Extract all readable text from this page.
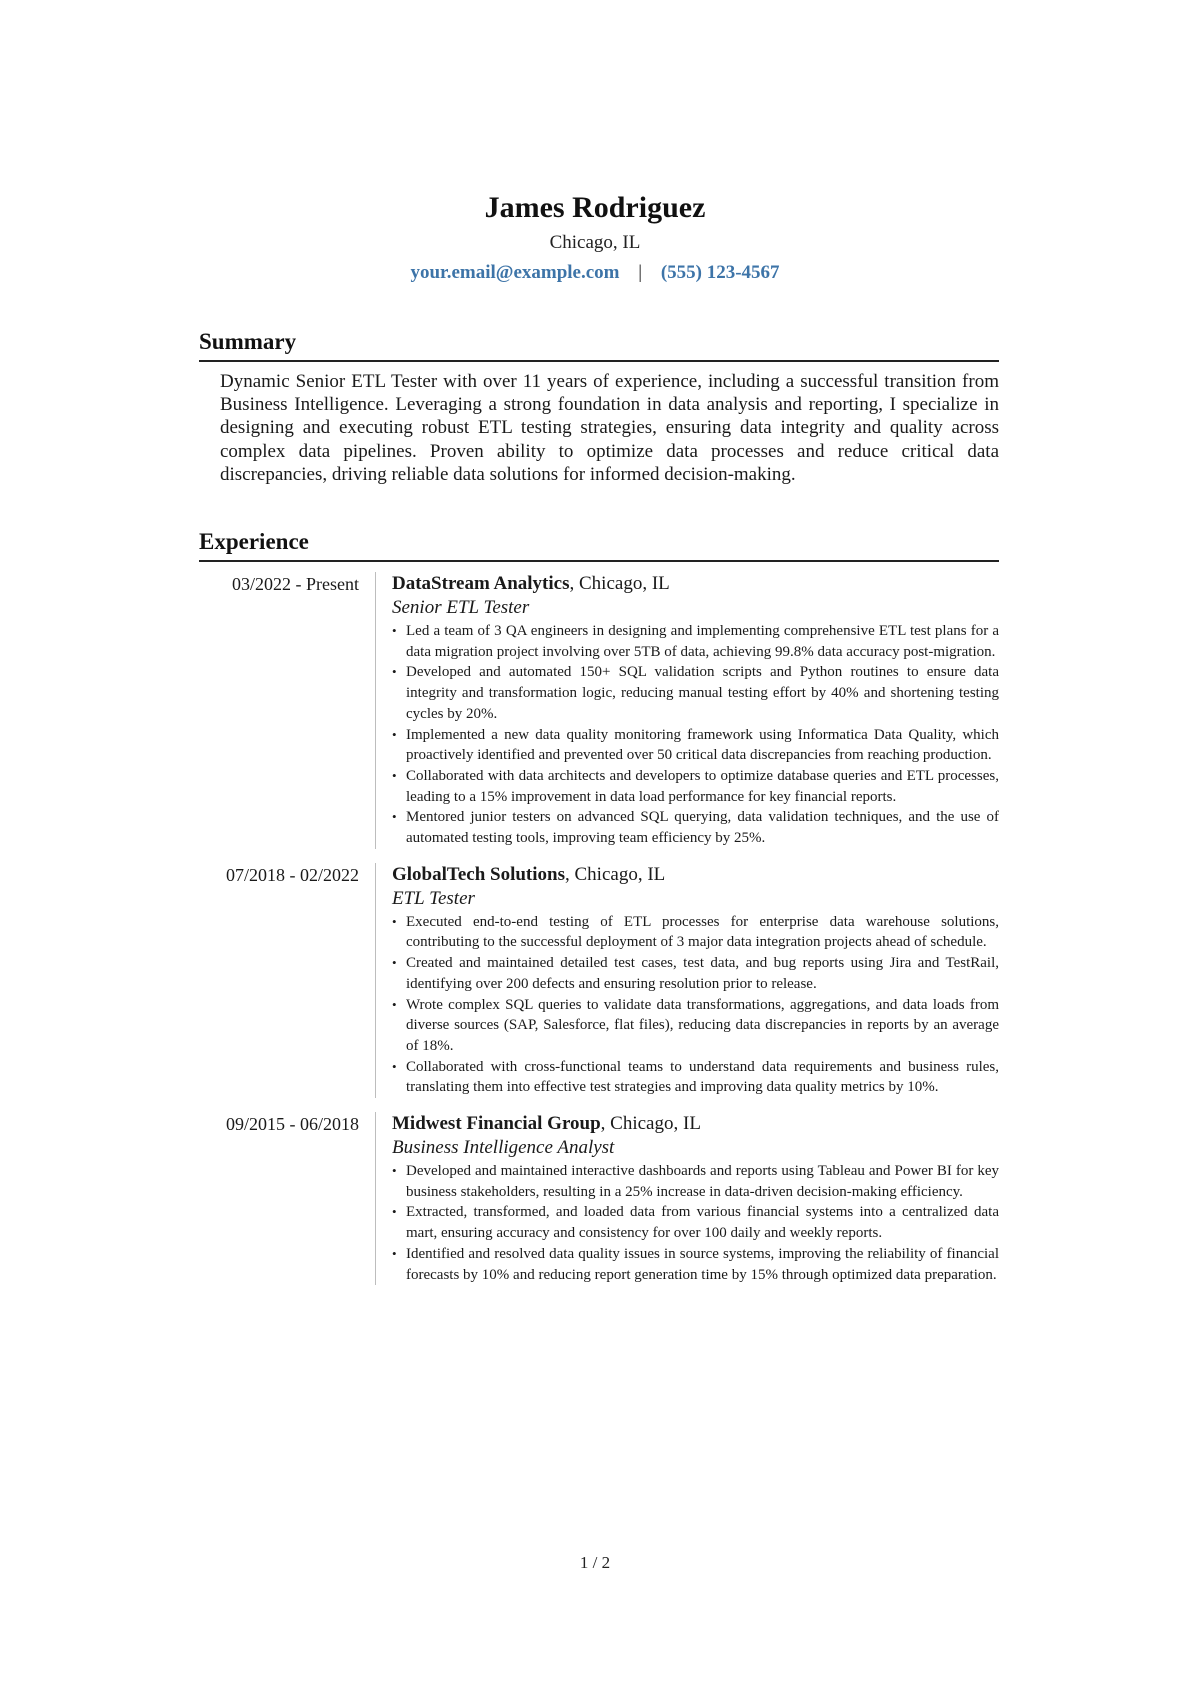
James Rodriguez
Chicago, IL
your.email@example.com | (555) 123-4567
Summary

Dynamic Senior ETL Tester with over 11 years of experience, including a successful transition from Business Intelligence. Leveraging a strong foundation in data analysis and reporting, I specialize in designing and executing robust ETL testing strategies, ensuring data integrity and quality across complex data pipelines. Proven ability to optimize data processes and reduce critical data discrepancies, driving reliable data solutions for informed decision-making.

Experience
03/2022 - Present	DataStream Analytics, Chicago, IL
Senior ETL Tester
• Led a team of 3 QA engineers in designing and implementing comprehensive ETL test plans for a data migration project involving over 5TB of data, achieving 99.8% data accuracy post-migration.
• Developed and automated 150+ SQL validation scripts and Python routines to ensure data integrity and transformation logic, reducing manual testing effort by 40% and shortening testing cycles by 20%.
• Implemented a new data quality monitoring framework using Informatica Data Quality, which proactively identified and prevented over 50 critical data discrepancies from reaching production.
• Collaborated with data architects and developers to optimize database queries and ETL processes, leading to a 15% improvement in data load performance for key financial reports.
• Mentored junior testers on advanced SQL querying, data validation techniques, and the use of automated testing tools, improving team efficiency by 25%.
07/2018 - 02/2022	GlobalTech Solutions, Chicago, IL
ETL Tester
• Executed end-to-end testing of ETL processes for enterprise data warehouse solutions, contributing to the successful deployment of 3 major data integration projects ahead of schedule.
• Created and maintained detailed test cases, test data, and bug reports using Jira and TestRail, identifying over 200 defects and ensuring resolution prior to release.
• Wrote complex SQL queries to validate data transformations, aggregations, and data loads from diverse sources (SAP, Salesforce, flat files), reducing data discrepancies in reports by an average of 18%.
• Collaborated with cross-functional teams to understand data requirements and business rules, translating them into effective test strategies and improving data quality metrics by 10%.
09/2015 - 06/2018	Midwest Financial Group, Chicago, IL
Business Intelligence Analyst
• Developed and maintained interactive dashboards and reports using Tableau and Power BI for key business stakeholders, resulting in a 25% increase in data-driven decision-making efficiency.
• Extracted, transformed, and loaded data from various financial systems into a centralized data mart, ensuring accuracy and consistency for over 100 daily and weekly reports.
• Identified and resolved data quality issues in source systems, improving the reliability of financial forecasts by 10% and reducing report generation time by 15% through optimized data preparation.
1 / 2
